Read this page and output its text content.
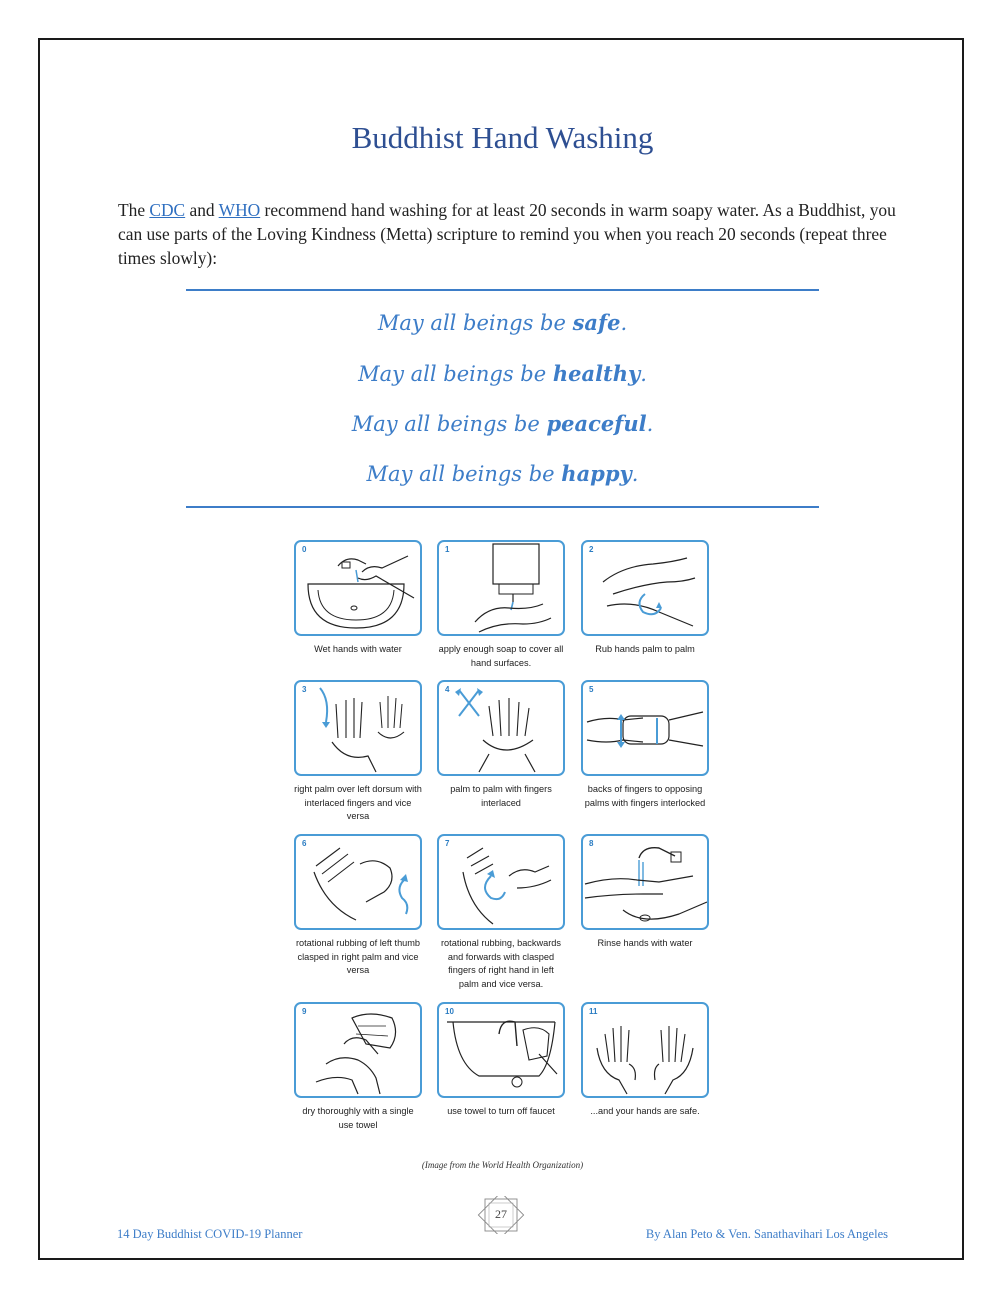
Buddhist Hand Washing

The CDC and WHO recommend hand washing for at least 20 seconds in warm soapy water. As a Buddhist, you can use parts of the Loving Kindness (Metta) scripture to remind you when you reach 20 seconds (repeat three times slowly):

May all beings be safe.
May all beings be healthy.
May all beings be peaceful.
May all beings be happy.
0
Wet hands with water
1
apply enough soap to cover all hand surfaces.
2
Rub hands palm to palm
3
right palm over left dorsum with interlaced fingers and vice versa
4
palm to palm with fingers interlaced
5
backs of fingers to opposing palms with fingers interlocked
6
rotational rubbing of left thumb clasped in right palm and vice versa
7
rotational rubbing, backwards and forwards with clasped fingers of right hand in left palm and vice versa.
8
Rinse hands with water
9
dry thoroughly with a single use towel
10
use towel to turn off faucet
11
...and your hands are safe.
(Image from the World Health Organization)
27
14 Day Buddhist COVID-19 Planner	By Alan Peto & Ven. Sanathavihari Los Angeles
